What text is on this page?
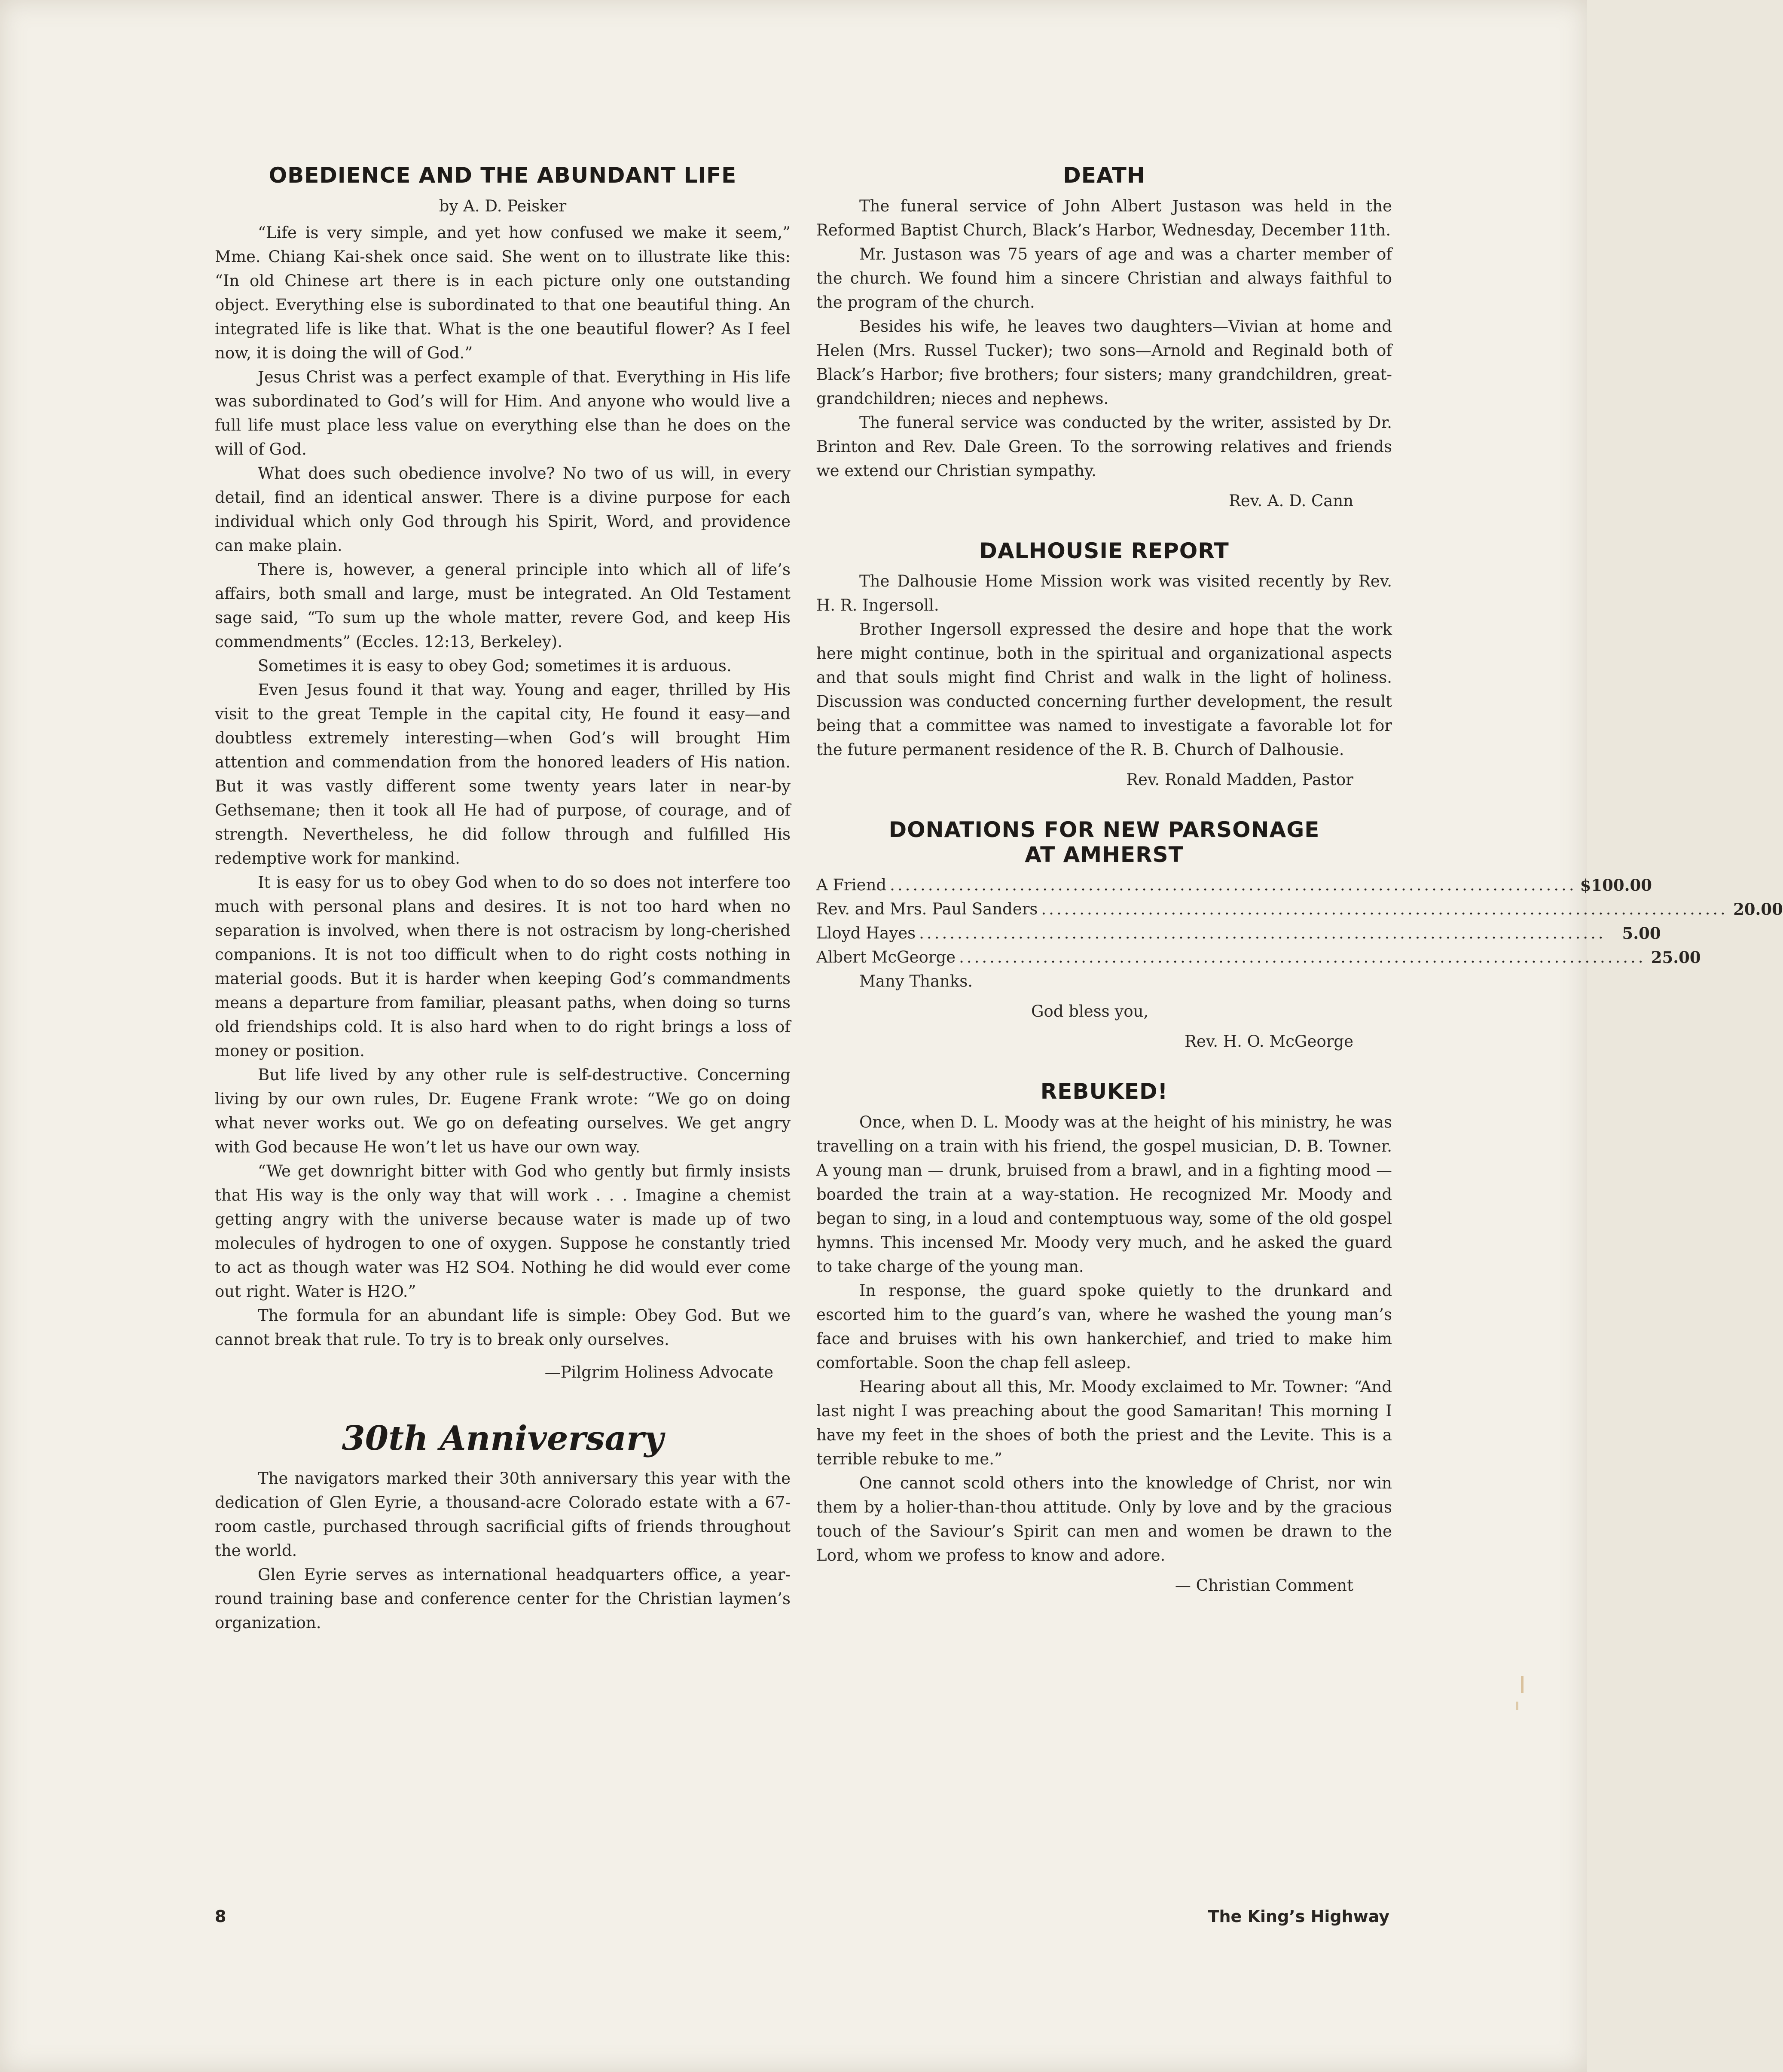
OBEDIENCE AND THE ABUNDANT LIFE
by A. D. Peisker

“Life is very simple, and yet how confused we make it seem,” Mme. Chiang Kai-shek once said. She went on to illustrate like this: “In old Chinese art there is in each picture only one outstanding object. Everything else is subordinated to that one beautiful thing. An integrated life is like that. What is the one beautiful flower? As I feel now, it is doing the will of God.”

Jesus Christ was a perfect example of that. Everything in His life was subordinated to God’s will for Him. And anyone who would live a full life must place less value on everything else than he does on the will of God.

What does such obedience involve? No two of us will, in every detail, find an identical answer. There is a divine purpose for each individual which only God through his Spirit, Word, and providence can make plain.

There is, however, a general principle into which all of life’s affairs, both small and large, must be integrated. An Old Testament sage said, “To sum up the whole matter, revere God, and keep His commendments” (Eccles. 12:13, Berkeley).

Sometimes it is easy to obey God; sometimes it is arduous.

Even Jesus found it that way. Young and eager, thrilled by His visit to the great Temple in the capital city, He found it easy—and doubtless extremely interesting—when God’s will brought Him attention and commendation from the honored leaders of His nation. But it was vastly different some twenty years later in near-by Gethsemane; then it took all He had of purpose, of courage, and of strength. Nevertheless, he did follow through and fulfilled His redemptive work for mankind.

It is easy for us to obey God when to do so does not interfere too much with personal plans and desires. It is not too hard when no separation is involved, when there is not ostracism by long-cherished companions. It is not too difficult when to do right costs nothing in material goods. But it is harder when keeping God’s commandments means a departure from familiar, pleasant paths, when doing so turns old friendships cold. It is also hard when to do right brings a loss of money or position.

But life lived by any other rule is self-destructive. Concerning living by our own rules, Dr. Eugene Frank wrote: “We go on doing what never works out. We go on defeating ourselves. We get angry with God because He won’t let us have our own way.

“We get downright bitter with God who gently but firmly insists that His way is the only way that will work . . . Imagine a chemist getting angry with the universe because water is made up of two molecules of hydrogen to one of oxygen. Suppose he constantly tried to act as though water was H2 SO4. Nothing he did would ever come out right. Water is H2O.”

The formula for an abundant life is simple: Obey God. But we cannot break that rule. To try is to break only ourselves.

—Pilgrim Holiness Advocate
30th Anniversary

The navigators marked their 30th anniversary this year with the dedication of Glen Eyrie, a thousand-acre Colorado estate with a 67-room castle, purchased through sacrificial gifts of friends throughout the world.

Glen Eyrie serves as international headquarters office, a year-round training base and conference center for the Christian laymen’s organization.

DEATH

The funeral service of John Albert Justason was held in the Reformed Baptist Church, Black’s Harbor, Wednesday, December 11th.

Mr. Justason was 75 years of age and was a charter member of the church. We found him a sincere Christian and always faithful to the program of the church.

Besides his wife, he leaves two daughters—Vivian at home and Helen (Mrs. Russel Tucker); two sons—Arnold and Reginald both of Black’s Harbor; five brothers; four sisters; many grandchildren, great-grandchildren; nieces and nephews.

The funeral service was conducted by the writer, assisted by Dr. Brinton and Rev. Dale Green. To the sorrowing relatives and friends we extend our Christian sympathy.

Rev. A. D. Cann
DALHOUSIE REPORT

The Dalhousie Home Mission work was visited recently by Rev. H. R. Ingersoll.

Brother Ingersoll expressed the desire and hope that the work here might continue, both in the spiritual and organizational aspects and that souls might find Christ and walk in the light of holiness. Discussion was conducted concerning further development, the result being that a committee was named to investigate a favorable lot for the future permanent residence of the R. B. Church of Dalhousie.

Rev. Ronald Madden, Pastor
DONATIONS FOR NEW PARSONAGE
AT AMHERST
A Friend .......................................................................................... $100.00
Rev. and Mrs. Paul Sanders .......................................................................................... 20.00
Lloyd Hayes ..........................................................................................	5.00
Albert McGeorge .......................................................................................... 25.00
Many Thanks.
God bless you,
Rev. H. O. McGeorge
REBUKED!

Once, when D. L. Moody was at the height of his ministry, he was travelling on a train with his friend, the gospel musician, D. B. Towner. A young man — drunk, bruised from a brawl, and in a fighting mood — boarded the train at a way-station. He recognized Mr. Moody and began to sing, in a loud and contemptuous way, some of the old gospel hymns. This incensed Mr. Moody very much, and he asked the guard to take charge of the young man.

In response, the guard spoke quietly to the drunkard and escorted him to the guard’s van, where he washed the young man’s face and bruises with his own hankerchief, and tried to make him comfortable. Soon the chap fell asleep.

Hearing about all this, Mr. Moody exclaimed to Mr. Towner: “And last night I was preaching about the good Samaritan! This morning I have my feet in the shoes of both the priest and the Levite. This is a terrible rebuke to me.”

One cannot scold others into the knowledge of Christ, nor win them by a holier-than-thou attitude. Only by love and by the gracious touch of the Saviour’s Spirit can men and women be drawn to the Lord, whom we profess to know and adore.

— Christian Comment
8	The King’s Highway
